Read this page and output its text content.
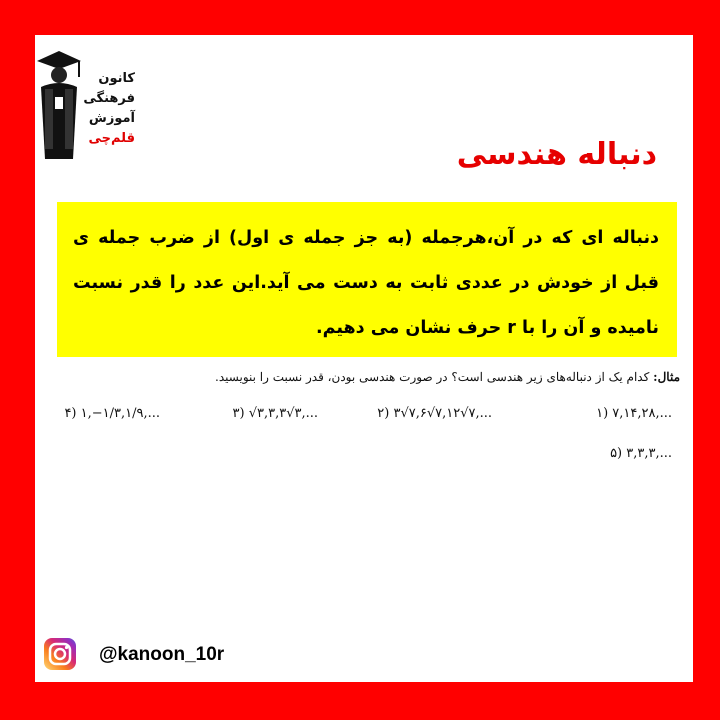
کانون
فرهنگی
آموزش
قلم‌چی	دنباله هندسی
دنباله ای که در آن،هرجمله (به جز جمله ی اول) از ضرب جمله ی قبل از خودش در عددی ثابت به دست می آید.این عدد را قدر نسبت نامیده و آن را با r حرف نشان می دهیم.
مثال: کدام یک از دنباله‌های زیر هندسی است؟ در صورت هندسی بودن، قدر نسبت را بنویسید.
۱) ۷,۱۴,۲۸,...
۲) ۳√۷,۶√۷,۱۲√۷,...
۳) √۳,۳,۳√۳,...
۴) ۱,−۱/۳,۱/۹,...
۵) ۳,۳,۳,...
@kanoon_10r
